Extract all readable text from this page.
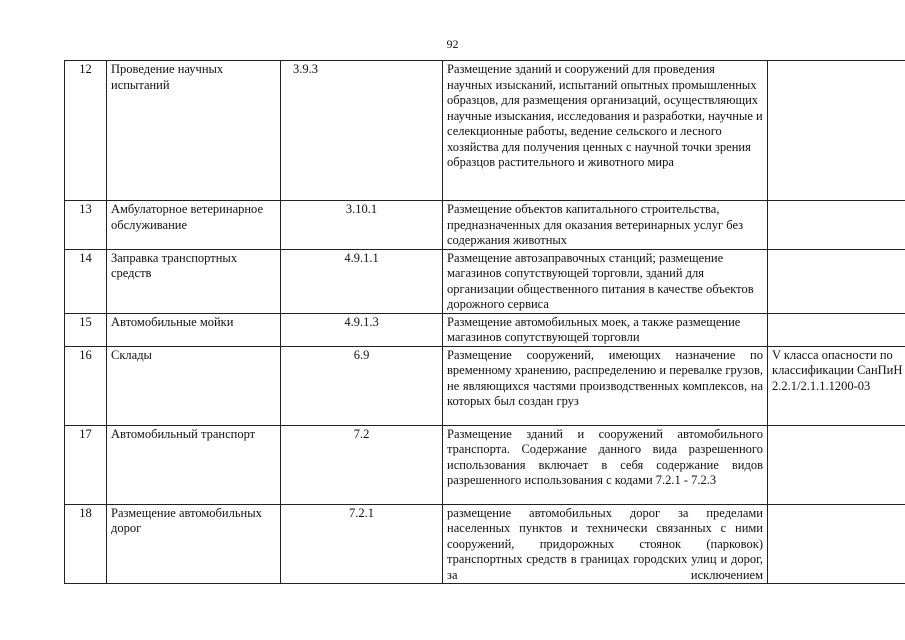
92
12	Проведение научных испытаний	3.9.3	Размещение зданий и сооружений для проведения научных изысканий, испытаний опытных промышленных образцов, для размещения организаций, осуществляющих научные изыскания, исследования и разработки, научные и селекционные работы, ведение сельского и лесного хозяйства для получения ценных с научной точки зрения образцов растительного и животного мира	
13	Амбулаторное ветеринарное обслуживание	3.10.1	Размещение объектов капитального строительства, предназначенных для оказания ветеринарных услуг без содержания животных	
14	Заправка транспортных средств	4.9.1.1	Размещение автозаправочных станций; размещение магазинов сопутствующей торговли, зданий для организации общественного питания в качестве объектов дорожного сервиса	
15	Автомобильные мойки	4.9.1.3	Размещение автомобильных моек, а также размещение магазинов сопутствующей торговли	
16	Склады	6.9	Размещение сооружений, имеющих назначение по временному хранению, распределению и перевалке грузов, не являющихся частями производственных комплексов, на которых был создан груз	V класса опасности по классификации СанПиН 2.2.1/2.1.1.1200-03
17	Автомобильный транспорт	7.2	Размещение зданий и сооружений автомобильного транспорта. Содержание данного вида разрешенного использования включает в себя содержание видов разрешенного использования с кодами 7.2.1 - 7.2.3	
18	Размещение автомобильных дорог	7.2.1	размещение автомобильных дорог за пределами населенных пунктов и технически связанных с ними сооружений, придорожных стоянок (парковок) транспортных средств в границах городских улиц и дорог, за исключением	
